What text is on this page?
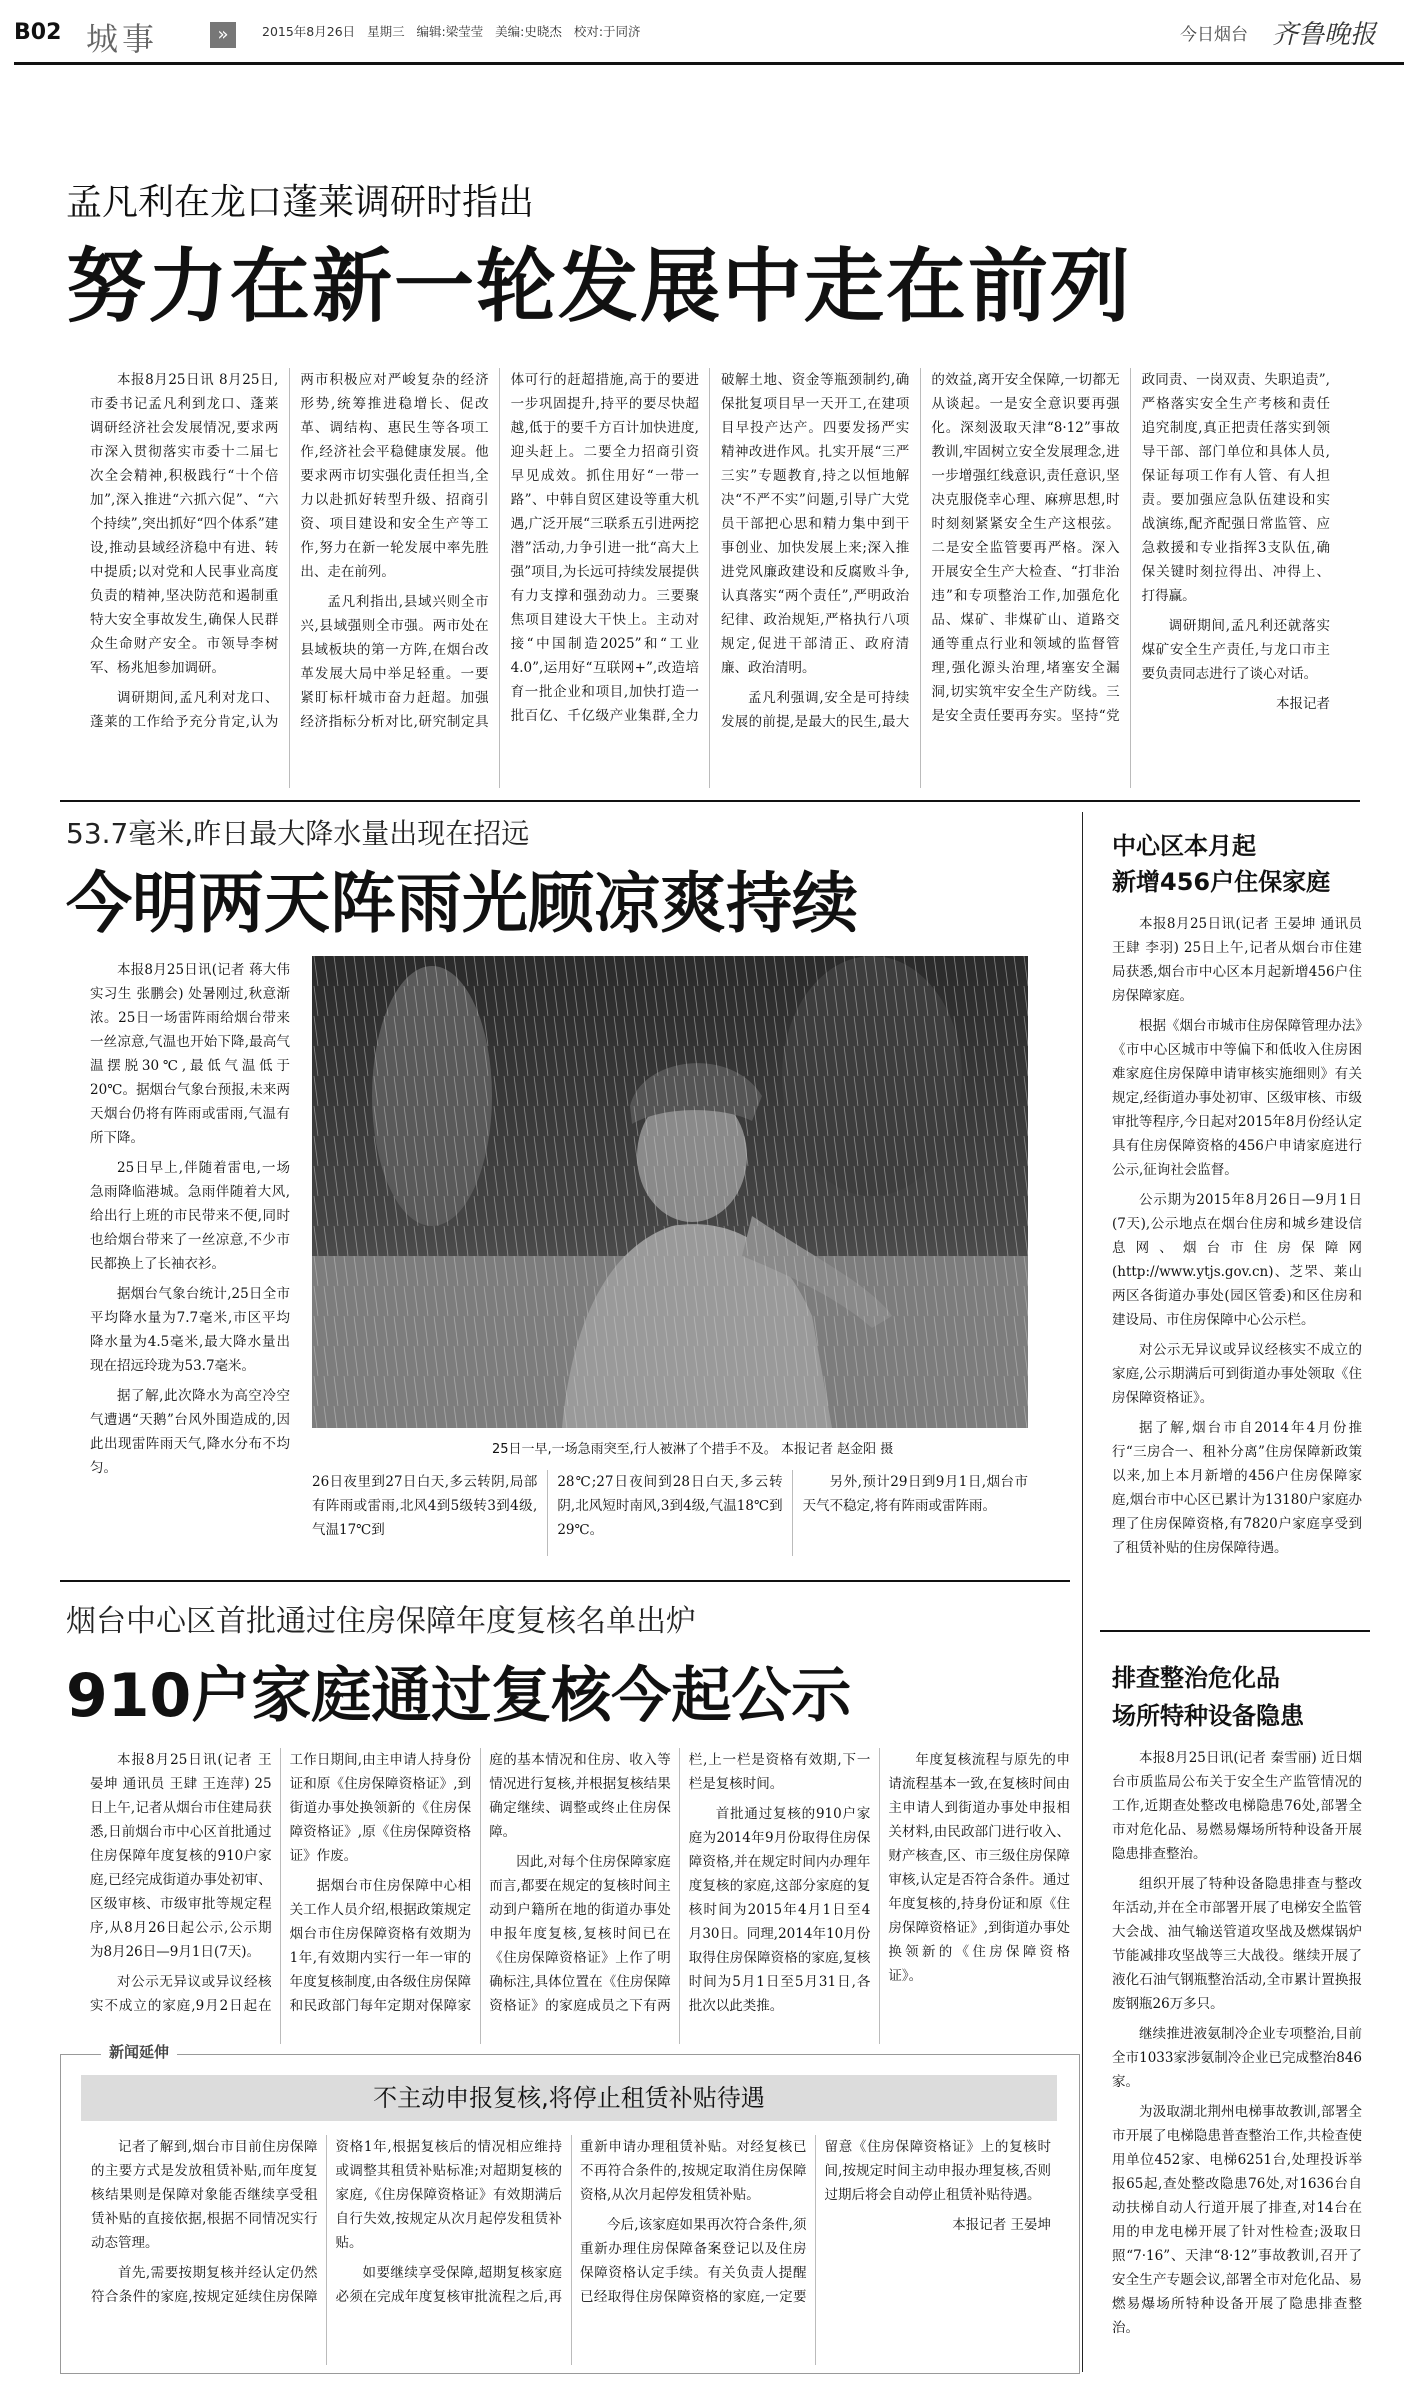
B02 城事	»	2015年8月26日 星期三 编辑:梁莹莹 美编:史晓杰 校对:于同济	今日烟台 齐鲁晚报
孟凡利在龙口蓬莱调研时指出
努力在新一轮发展中走在前列

本报8月25日讯 8月25日,市委书记孟凡利到龙口、蓬莱调研经济社会发展情况,要求两市深入贯彻落实市委十二届七次全会精神,积极践行“十个倍加”,深入推进“六抓六促”、“六个持续”,突出抓好“四个体系”建设,推动县域经济稳中有进、转中提质;以对党和人民事业高度负责的精神,坚决防范和遏制重特大安全事故发生,确保人民群众生命财产安全。市领导李树军、杨兆旭参加调研。

调研期间,孟凡利对龙口、蓬莱的工作给予充分肯定,认为两市积极应对严峻复杂的经济形势,统筹推进稳增长、促改革、调结构、惠民生等各项工作,经济社会平稳健康发展。他要求两市切实强化责任担当,全力以赴抓好转型升级、招商引资、项目建设和安全生产等工作,努力在新一轮发展中率先胜出、走在前列。

孟凡利指出,县域兴则全市兴,县域强则全市强。两市处在县域板块的第一方阵,在烟台改革发展大局中举足轻重。一要紧盯标杆城市奋力赶超。加强经济指标分析对比,研究制定具体可行的赶超措施,高于的要进一步巩固提升,持平的要尽快超越,低于的要千方百计加快进度,迎头赶上。二要全力招商引资早见成效。抓住用好“一带一路”、中韩自贸区建设等重大机遇,广泛开展“三联系五引进两挖潜”活动,力争引进一批“高大上强”项目,为长远可持续发展提供有力支撑和强劲动力。三要聚焦项目建设大干快上。主动对接“中国制造2025”和“工业4.0”,运用好“互联网+”,改造培育一批企业和项目,加快打造一批百亿、千亿级产业集群,全力破解土地、资金等瓶颈制约,确保批复项目早一天开工,在建项目早投产达产。四要发扬严实精神改进作风。扎实开展“三严三实”专题教育,持之以恒地解决“不严不实”问题,引导广大党员干部把心思和精力集中到干事创业、加快发展上来;深入推进党风廉政建设和反腐败斗争,认真落实“两个责任”,严明政治纪律、政治规矩,严格执行八项规定,促进干部清正、政府清廉、政治清明。

孟凡利强调,安全是可持续发展的前提,是最大的民生,最大的效益,离开安全保障,一切都无从谈起。一是安全意识要再强化。深刻汲取天津“8·12”事故教训,牢固树立安全发展理念,进一步增强红线意识,责任意识,坚决克服侥幸心理、麻痹思想,时时刻刻紧紧安全生产这根弦。二是安全监管要再严格。深入开展安全生产大检查、“打非治违”和专项整治工作,加强危化品、煤矿、非煤矿山、道路交通等重点行业和领域的监督管理,强化源头治理,堵塞安全漏洞,切实筑牢安全生产防线。三是安全责任要再夯实。坚持“党政同责、一岗双责、失职追责”,严格落实安全生产考核和责任追究制度,真正把责任落实到领导干部、部门单位和具体人员,保证每项工作有人管、有人担责。要加强应急队伍建设和实战演练,配齐配强日常监管、应急救援和专业指挥3支队伍,确保关键时刻拉得出、冲得上、打得赢。

调研期间,孟凡利还就落实煤矿安全生产责任,与龙口市主要负责同志进行了谈心对话。

本报记者

53.7毫米,昨日最大降水量出现在招远
今明两天阵雨光顾凉爽持续

本报8月25日讯(记者 蒋大伟 实习生 张鹏会) 处暑刚过,秋意渐浓。25日一场雷阵雨给烟台带来一丝凉意,气温也开始下降,最高气温摆脱30℃,最低气温低于20℃。据烟台气象台预报,未来两天烟台仍将有阵雨或雷雨,气温有所下降。

25日早上,伴随着雷电,一场急雨降临港城。急雨伴随着大风,给出行上班的市民带来不便,同时也给烟台带来了一丝凉意,不少市民都换上了长袖衣衫。

据烟台气象台统计,25日全市平均降水量为7.7毫米,市区平均降水量为4.5毫米,最大降水量出现在招远玲珑为53.7毫米。

据了解,此次降水为高空冷空气遭遇“天鹅”台风外围造成的,因此出现雷阵雨天气,降水分布不均匀。

25日一早,一场急雨突至,行人被淋了个措手不及。 本报记者 赵金阳 摄

26日夜里到27日白天,多云转阴,局部有阵雨或雷雨,北风4到5级转3到4级,气温17℃到

28℃;27日夜间到28日白天,多云转阴,北风短时南风,3到4级,气温18℃到29℃。

另外,预计29日到9月1日,烟台市天气不稳定,将有阵雨或雷阵雨。

中心区本月起
新增456户住保家庭

本报8月25日讯(记者 王晏坤 通讯员 王肆 李羽) 25日上午,记者从烟台市住建局获悉,烟台市中心区本月起新增456户住房保障家庭。

根据《烟台市城市住房保障管理办法》《市中心区城市中等偏下和低收入住房困难家庭住房保障申请审核实施细则》有关规定,经街道办事处初审、区级审核、市级审批等程序,今日起对2015年8月份经认定具有住房保障资格的456户申请家庭进行公示,征询社会监督。

公示期为2015年8月26日—9月1日(7天),公示地点在烟台住房和城乡建设信息网、烟台市住房保障网(http://www.ytjs.gov.cn)、芝罘、莱山两区各街道办事处(园区管委)和区住房和建设局、市住房保障中心公示栏。

对公示无异议或异议经核实不成立的家庭,公示期满后可到街道办事处领取《住房保障资格证》。

据了解,烟台市自2014年4月份推行“三房合一、租补分离”住房保障新政策以来,加上本月新增的456户住房保障家庭,烟台市中心区已累计为13180户家庭办理了住房保障资格,有7820户家庭享受到了租赁补贴的住房保障待遇。

排查整治危化品
场所特种设备隐患

本报8月25日讯(记者 秦雪丽) 近日烟台市质监局公布关于安全生产监管情况的工作,近期查处整改电梯隐患76处,部署全市对危化品、易燃易爆场所特种设备开展隐患排查整治。

组织开展了特种设备隐患排查与整改年活动,并在全市部署开展了电梯安全监管大会战、油气输送管道攻坚战及燃煤锅炉节能减排攻坚战等三大战役。继续开展了液化石油气钢瓶整治活动,全市累计置换报废钢瓶26万多只。

继续推进液氨制冷企业专项整治,目前全市1033家涉氨制冷企业已完成整治846家。

为汲取湖北荆州电梯事故教训,部署全市开展了电梯隐患普查整治工作,共检查使用单位452家、电梯6251台,处理投诉举报65起,查处整改隐患76处,对1636台自动扶梯自动人行道开展了排查,对14台在用的申龙电梯开展了针对性检查;汲取日照“7·16”、天津“8·12”事故教训,召开了安全生产专题会议,部署全市对危化品、易燃易爆场所特种设备开展了隐患排查整治。

烟台中心区首批通过住房保障年度复核名单出炉
910户家庭通过复核今起公示

本报8月25日讯(记者 王晏坤 通讯员 王肆 王连萍) 25日上午,记者从烟台市住建局获悉,日前烟台市中心区首批通过住房保障年度复核的910户家庭,已经完成街道办事处初审、区级审核、市级审批等规定程序,从8月26日起公示,公示期为8月26日—9月1日(7天)。

对公示无异议或异议经核实不成立的家庭,9月2日起在工作日期间,由主申请人持身份证和原《住房保障资格证》,到街道办事处换领新的《住房保障资格证》,原《住房保障资格证》作废。

据烟台市住房保障中心相关工作人员介绍,根据政策规定烟台市住房保障资格有效期为1年,有效期内实行一年一审的年度复核制度,由各级住房保障和民政部门每年定期对保障家庭的基本情况和住房、收入等情况进行复核,并根据复核结果确定继续、调整或终止住房保障。

因此,对每个住房保障家庭而言,都要在规定的复核时间主动到户籍所在地的街道办事处申报年度复核,复核时间已在《住房保障资格证》上作了明确标注,具体位置在《住房保障资格证》的家庭成员之下有两栏,上一栏是资格有效期,下一栏是复核时间。

首批通过复核的910户家庭为2014年9月份取得住房保障资格,并在规定时间内办理年度复核的家庭,这部分家庭的复核时间为2015年4月1日至4月30日。同理,2014年10月份取得住房保障资格的家庭,复核时间为5月1日至5月31日,各批次以此类推。

年度复核流程与原先的申请流程基本一致,在复核时间由主申请人到街道办事处申报相关材料,由民政部门进行收入、财产核查,区、市三级住房保障审核,认定是否符合条件。通过年度复核的,持身份证和原《住房保障资格证》,到街道办事处换领新的《住房保障资格证》。

新闻延伸
不主动申报复核,将停止租赁补贴待遇

记者了解到,烟台市目前住房保障的主要方式是发放租赁补贴,而年度复核结果则是保障对象能否继续享受租赁补贴的直接依据,根据不同情况实行动态管理。

首先,需要按期复核并经认定仍然符合条件的家庭,按规定延续住房保障资格1年,根据复核后的情况相应维持或调整其租赁补贴标准;对超期复核的家庭,《住房保障资格证》有效期满后自行失效,按规定从次月起停发租赁补贴。

如要继续享受保障,超期复核家庭必须在完成年度复核审批流程之后,再重新申请办理租赁补贴。对经复核已不再符合条件的,按规定取消住房保障资格,从次月起停发租赁补贴。

今后,该家庭如果再次符合条件,须重新办理住房保障备案登记以及住房保障资格认定手续。有关负责人提醒已经取得住房保障资格的家庭,一定要留意《住房保障资格证》上的复核时间,按规定时间主动申报办理复核,否则过期后将会自动停止租赁补贴待遇。

本报记者 王晏坤
